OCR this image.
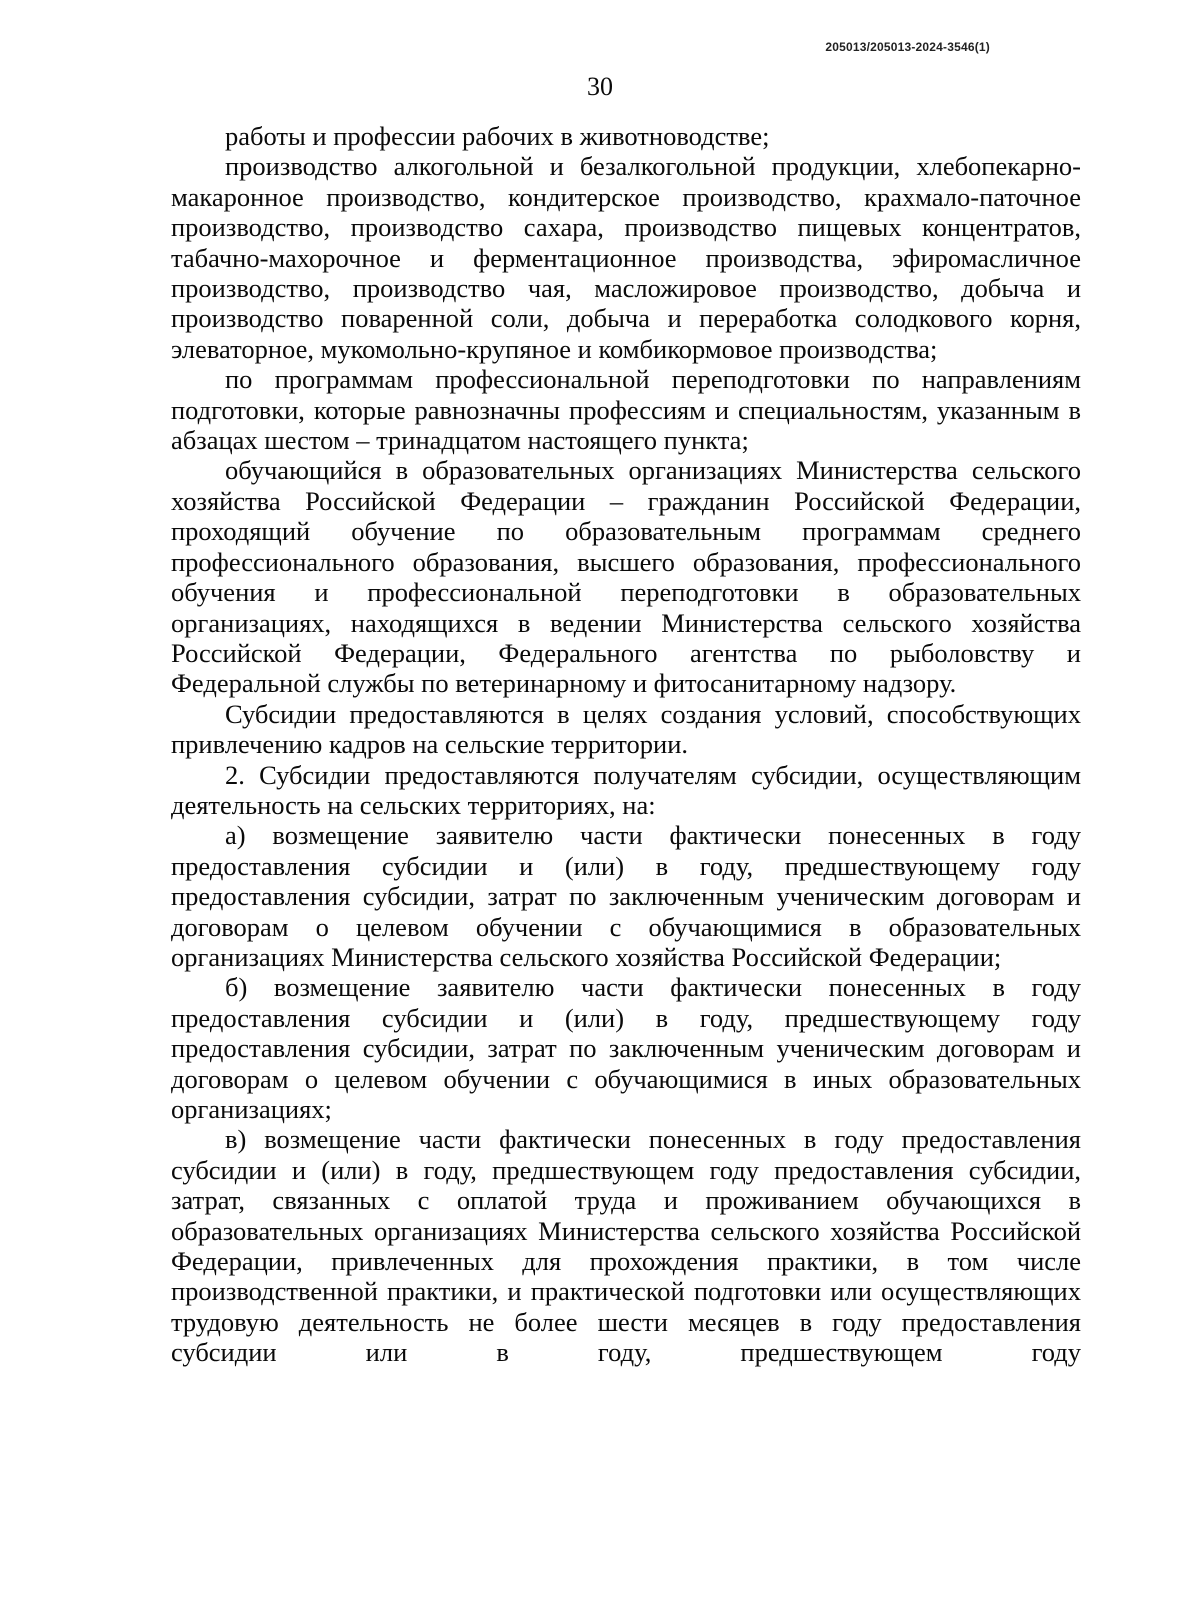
205013/205013-2024-3546(1)
30

работы и профессии рабочих в животноводстве;

производство алкогольной и безалкогольной продукции, хлебопекарно-макаронное производство, кондитерское производство, крахмало-паточное производство, производство сахара, производство пищевых концентратов, табачно-махорочное и ферментационное производства, эфиромасличное производство, производство чая, масложировое производство, добыча и производство поваренной соли, добыча и переработка солодкового корня, элеваторное, мукомольно-крупяное и комбикормовое производства;

по программам профессиональной переподготовки по направлениям подготовки, которые равнозначны профессиям и специальностям, указанным в абзацах шестом – тринадцатом настоящего пункта;

обучающийся в образовательных организациях Министерства сельского хозяйства Российской Федерации – гражданин Российской Федерации, проходящий обучение по образовательным программам среднего профессионального образования, высшего образования, профессионального обучения и профессиональной переподготовки в образовательных организациях, находящихся в ведении Министерства сельского хозяйства Российской Федерации, Федерального агентства по рыболовству и Федеральной службы по ветеринарному и фитосанитарному надзору.

Субсидии предоставляются в целях создания условий, способствующих привлечению кадров на сельские территории.

2. Субсидии предоставляются получателям субсидии, осуществляющим деятельность на сельских территориях, на:

а) возмещение заявителю части фактически понесенных в году предоставления субсидии и (или) в году, предшествующему году предоставления субсидии, затрат по заключенным ученическим договорам и договорам о целевом обучении с обучающимися в образовательных организациях Министерства сельского хозяйства Российской Федерации;

б) возмещение заявителю части фактически понесенных в году предоставления субсидии и (или) в году, предшествующему году предоставления субсидии, затрат по заключенным ученическим договорам и договорам о целевом обучении с обучающимися в иных образовательных организациях;

в) возмещение части фактически понесенных в году предоставления субсидии и (или) в году, предшествующем году предоставления субсидии, затрат, связанных с оплатой труда и проживанием обучающихся в образовательных организациях Министерства сельского хозяйства Российской Федерации, привлеченных для прохождения практики, в том числе производственной практики, и практической подготовки или осуществляющих трудовую деятельность не более шести месяцев в году предоставления субсидии или в году, предшествующем году
